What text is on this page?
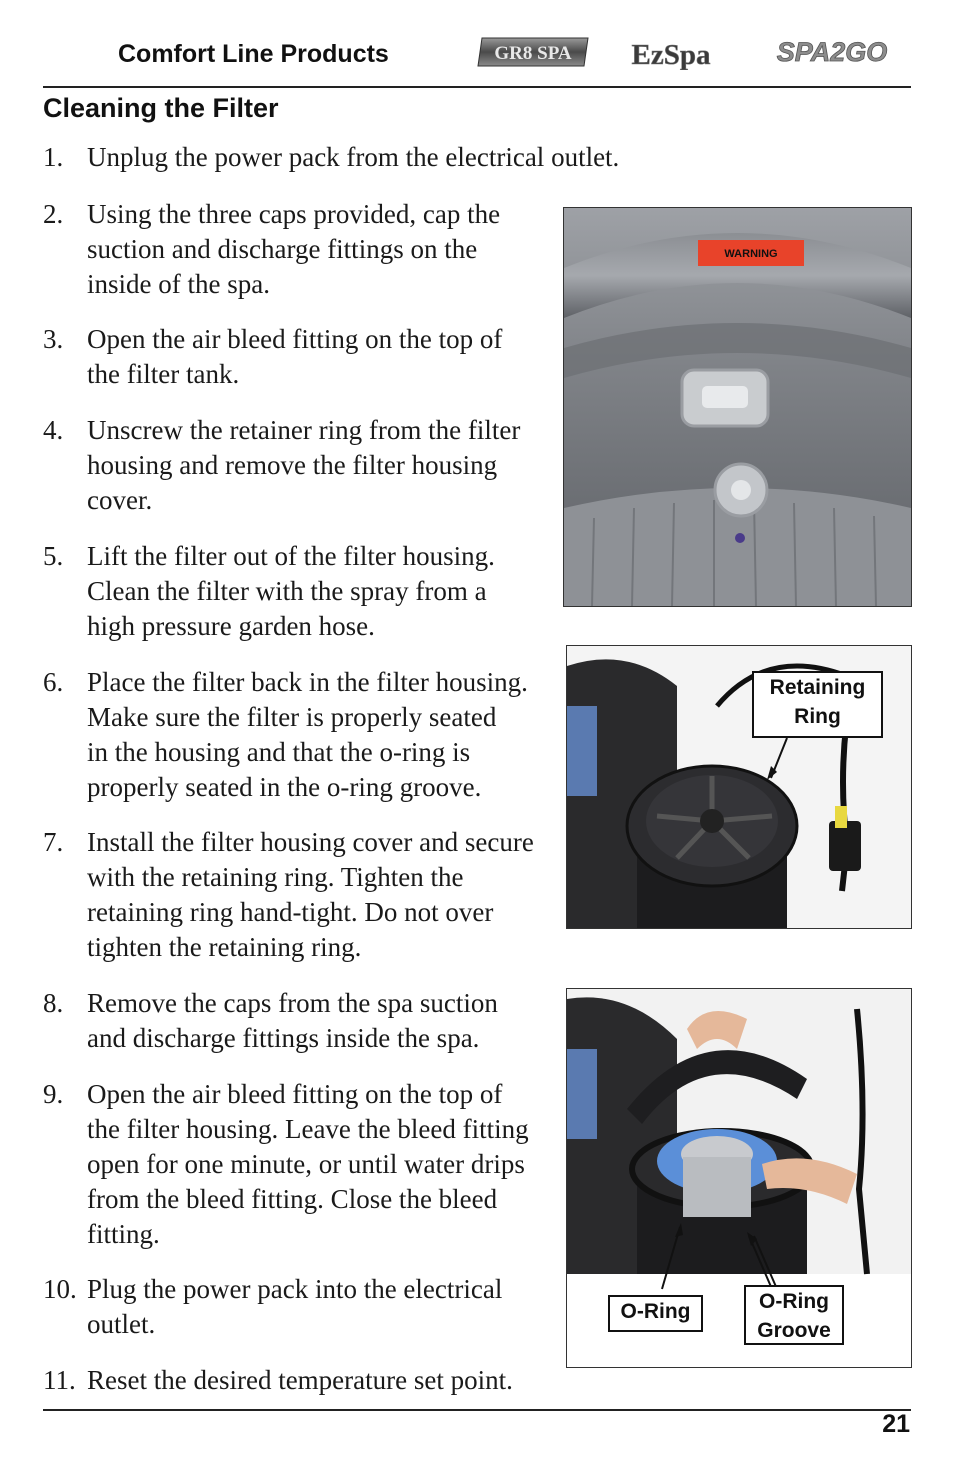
Comfort Line Products	GR8 SPA EzSpa SPA2GO
Cleaning the Filter
1. Unplug the power pack from the electrical outlet.
2. Using the three caps provided, cap the
suction and discharge fittings on the
inside of the spa.
3. Open the air bleed fitting on the top of
the filter tank.
4. Unscrew the retainer ring from the filter
housing and remove the filter housing
cover.
5. Lift the filter out of the filter housing.
Clean the filter with the spray from a
high pressure garden hose.
6. Place the filter back in the filter housing.
Make sure the filter is properly seated
in the housing and that the o-ring is
properly seated in the o-ring groove.
7. Install the filter housing cover and secure
with the retaining ring. Tighten the
retaining ring hand-tight. Do not over
tighten the retaining ring.
8. Remove the caps from the spa suction
and discharge fittings inside the spa.
9. Open the air bleed fitting on the top of
the filter housing. Leave the bleed fitting
open for one minute, or until water drips
from the bleed fitting. Close the bleed
fitting.
10. Plug the power pack into the electrical
outlet.
11. Reset the desired temperature set point.
WARNING
Retaining
Ring
O-Ring	O-Ring
Groove
21
